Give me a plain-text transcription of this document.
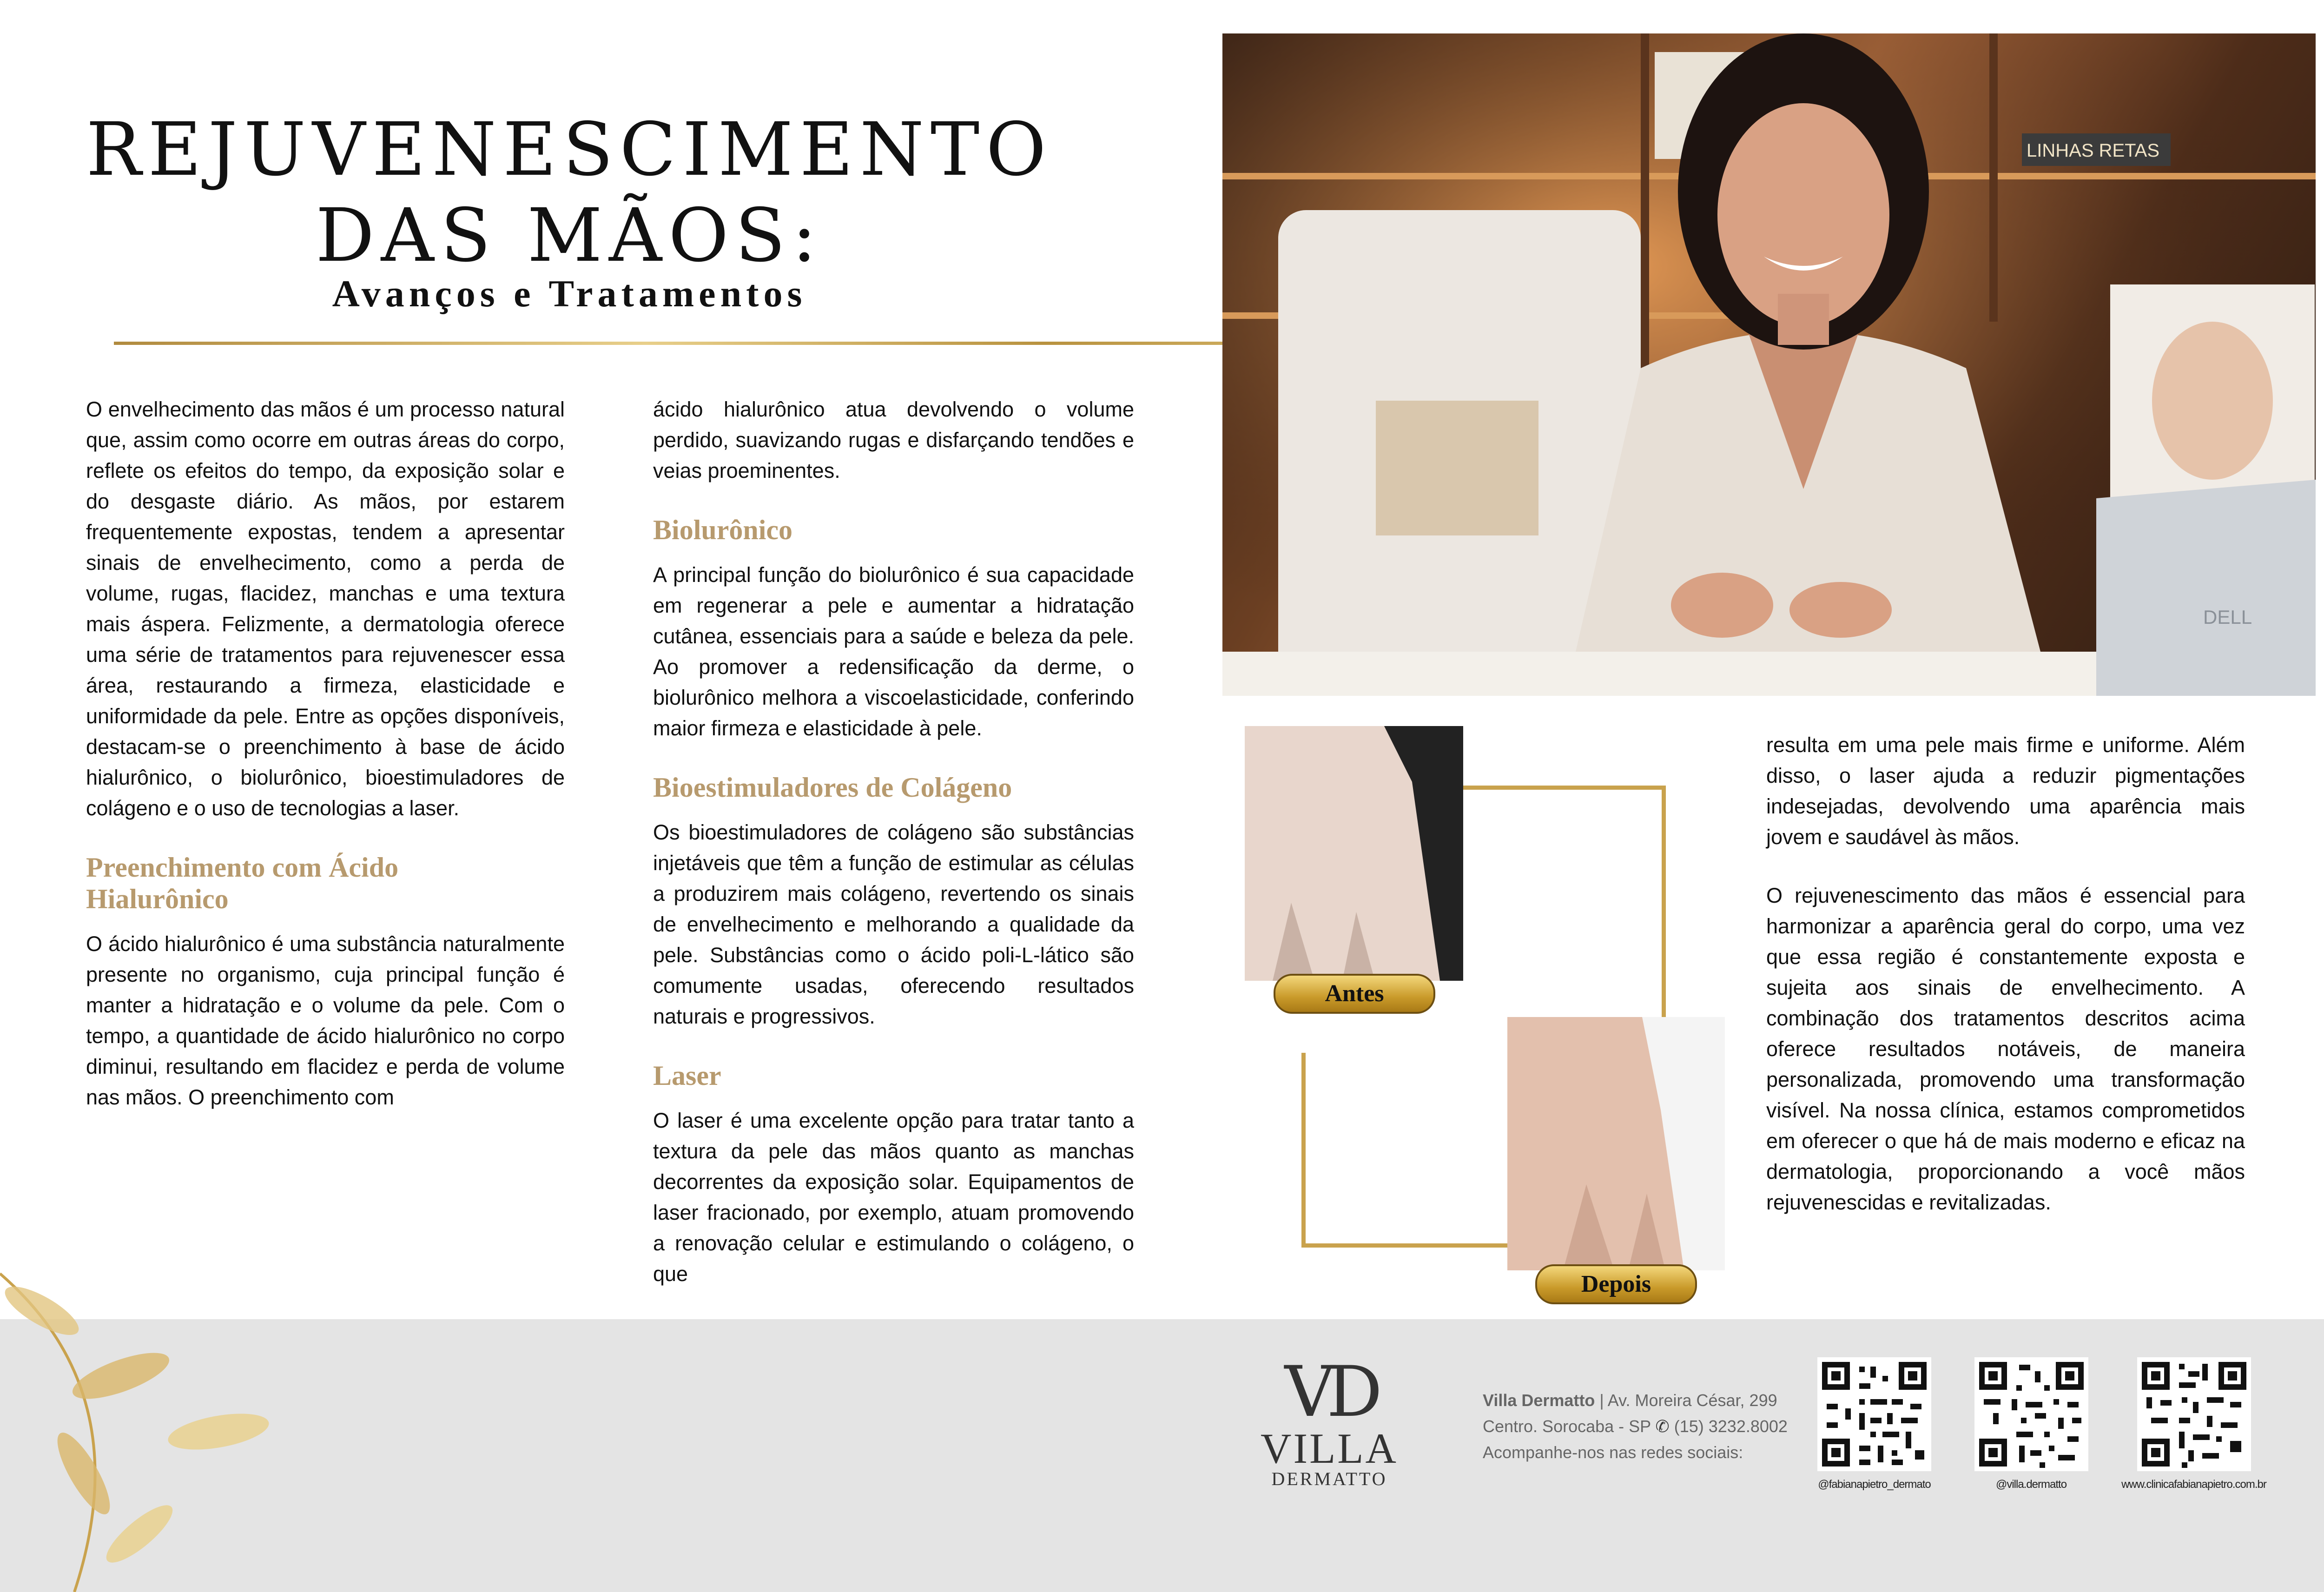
REJUVENESCIMENTO
DAS MÃOS:
Avanços e Tratamentos

O envelhecimento das mãos é um processo natural que, assim como ocorre em outras áreas do corpo, reflete os efeitos do tempo, da exposição solar e do desgaste diário. As mãos, por estarem frequentemente expostas, tendem a apresentar sinais de envelhecimento, como a perda de volume, rugas, flacidez, manchas e uma textura mais áspera. Felizmente, a dermatologia oferece uma série de tratamentos para rejuvenescer essa área, restaurando a firmeza, elasticidade e uniformidade da pele. Entre as opções disponíveis, destacam-se o preenchimento à base de ácido hialurônico, o biolurônico, bioestimuladores de colágeno e o uso de tecnologias a laser.

Preenchimento com Ácido Hialurônico

O ácido hialurônico é uma substância naturalmente presente no organismo, cuja principal função é manter a hidratação e o volume da pele. Com o tempo, a quantidade de ácido hialurônico no corpo diminui, resultando em flacidez e perda de volume nas mãos. O preenchimento com

ácido hialurônico atua devolvendo o volume perdido, suavizando rugas e disfarçando tendões e veias proeminentes.

Biolurônico

A principal função do biolurônico é sua capacidade em regenerar a pele e aumentar a hidratação cutânea, essenciais para a saúde e beleza da pele. Ao promover a redensificação da derme, o biolurônico melhora a viscoelasticidade, conferindo maior firmeza e elasticidade à pele.

Bioestimuladores de Colágeno

Os bioestimuladores de colágeno são substâncias injetáveis que têm a função de estimular as células a produzirem mais colágeno, revertendo os sinais de envelhecimento e melhorando a qualidade da pele. Substâncias como o ácido poli-L-lático são comumente usadas, oferecendo resultados naturais e progressivos.

Laser

O laser é uma excelente opção para tratar tanto a textura da pele das mãos quanto as manchas decorrentes da exposição solar. Equipamentos de laser fracionado, por exemplo, atuam promovendo a renovação celular e estimulando o colágeno, o que

resulta em uma pele mais firme e uniforme. Além disso, o laser ajuda a reduzir pigmentações indesejadas, devolvendo uma aparência mais jovem e saudável às mãos.

O rejuvenescimento das mãos é essencial para harmonizar a aparência geral do corpo, uma vez que essa região é constantemente exposta e sujeita aos sinais de envelhecimento. A combinação dos tratamentos descritos acima oferece resultados notáveis, de maneira personalizada, promovendo uma transformação visível. Na nossa clínica, estamos comprometidos em oferecer o que há de mais moderno e eficaz na dermatologia, proporcionando a você mãos rejuvenescidas e revitalizadas.

LINHAS RETAS
DELL
Antes
Depois
VD
VILLA
DERMATTO
Villa Dermatto | Av. Moreira César, 299
Centro. Sorocaba - SP ✆ (15) 3232.8002
Acompanhe-nos nas redes sociais:
@fabianapietro_dermato	@villa.dermatto	www.clinicafabianapietro.com.br
